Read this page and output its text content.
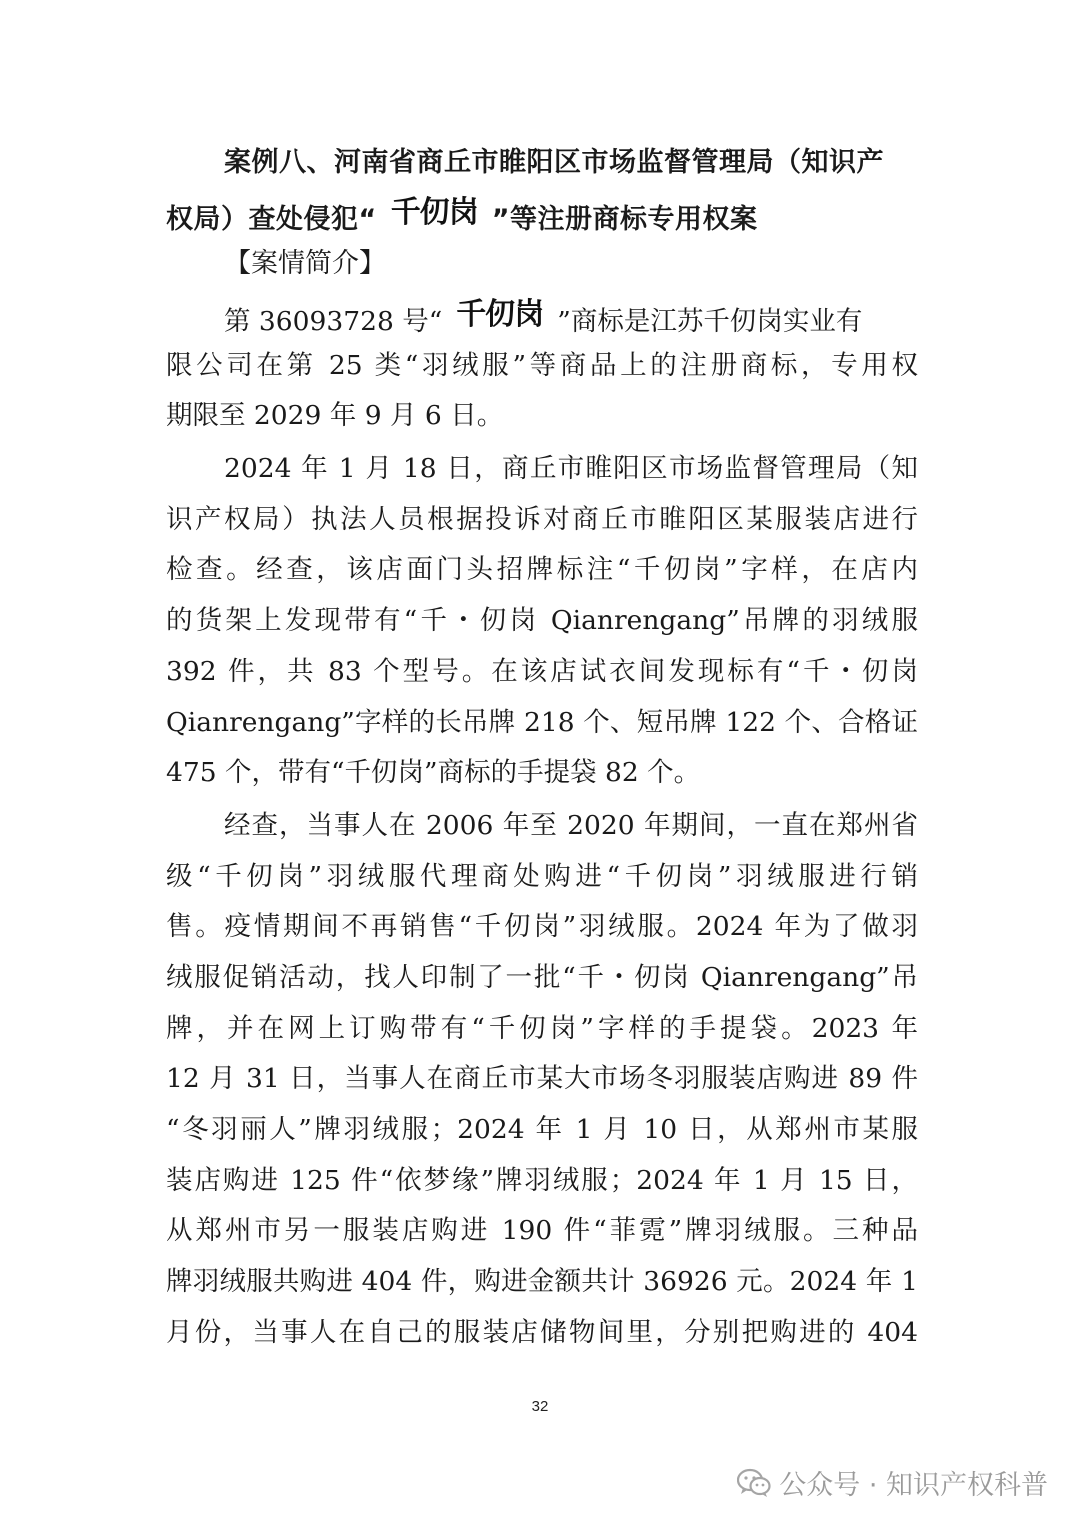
案例八、河南省商丘市睢阳区市场监督管理局（知识产
权局）查处侵犯“ 千仞岗 ”等注册商标专用权案
【案情简介】
第 36093728 号“ 千仞岗 ”商标是江苏千仞岗实业有
限公司在第 25 类“羽绒服”等商品上的注册商标，专用权
期限至 2029 年 9 月 6 日。
2024 年 1 月 18 日，商丘市睢阳区市场监督管理局（知
识产权局）执法人员根据投诉对商丘市睢阳区某服装店进行
检查。经查，该店面门头招牌标注“千仞岗”字样，在店内
的货架上发现带有“千・仞岗 Qianrengang”吊牌的羽绒服
392 件，共 83 个型号。在该店试衣间发现标有“千・仞岗
Qianrengang”字样的长吊牌 218 个、短吊牌 122 个、合格证
475 个，带有“千仞岗”商标的手提袋 82 个。
经查，当事人在 2006 年至 2020 年期间，一直在郑州省
级“千仞岗”羽绒服代理商处购进“千仞岗”羽绒服进行销
售。疫情期间不再销售“千仞岗”羽绒服。2024 年为了做羽
绒服促销活动，找人印制了一批“千・仞岗 Qianrengang”吊
牌，并在网上订购带有“千仞岗”字样的手提袋。2023 年
12 月 31 日，当事人在商丘市某大市场冬羽服装店购进 89 件
“冬羽丽人”牌羽绒服；2024 年 1 月 10 日，从郑州市某服
装店购进 125 件“依梦缘”牌羽绒服；2024 年 1 月 15 日，
从郑州市另一服装店购进 190 件“菲霓”牌羽绒服。三种品
牌羽绒服共购进 404 件，购进金额共计 36926 元。2024 年 1
月份，当事人在自己的服装店储物间里，分别把购进的 404
32
公众号 · 知识产权科普
